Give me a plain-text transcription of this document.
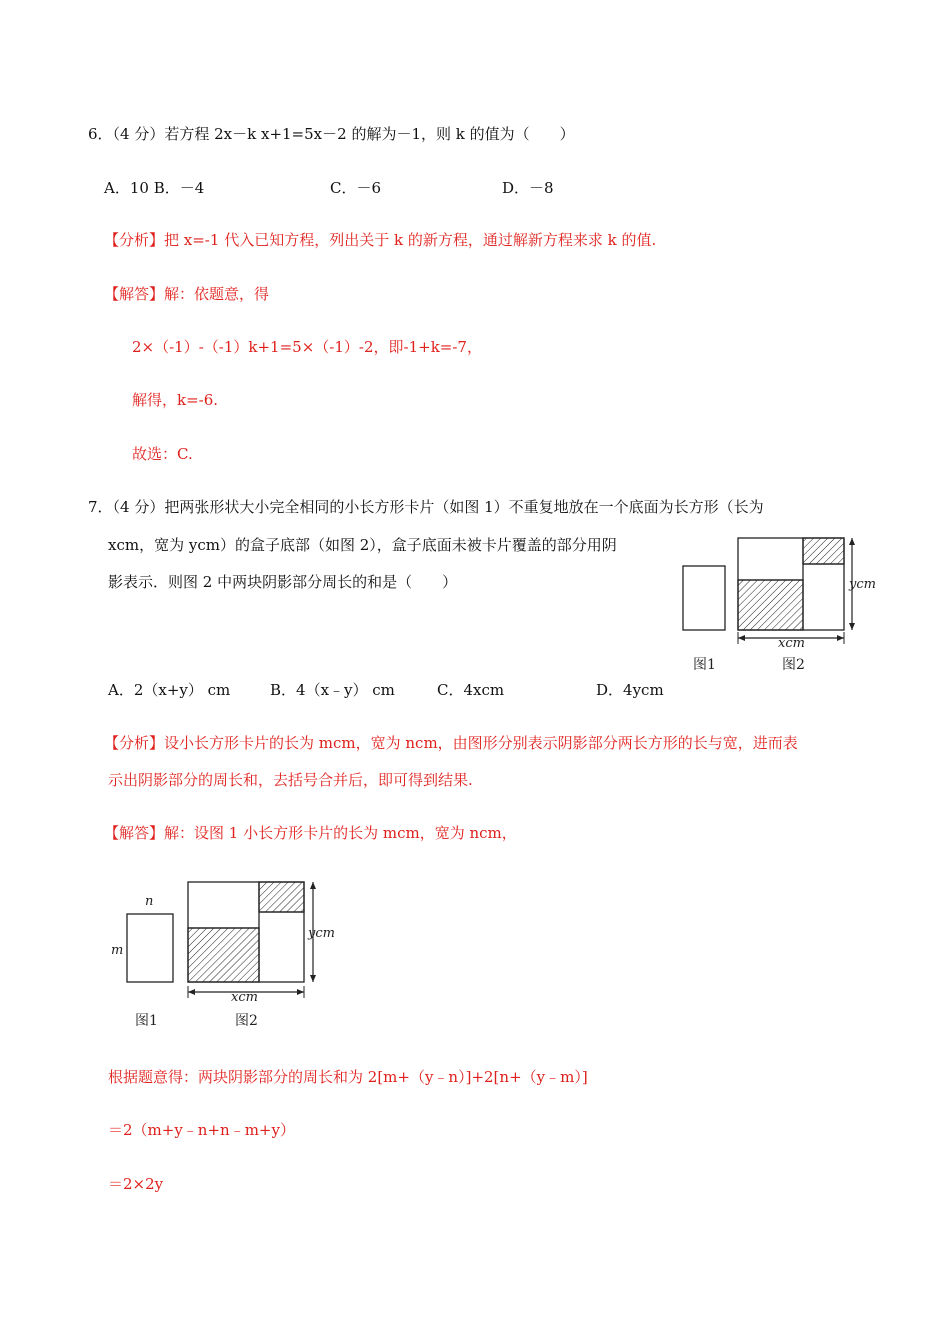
6．（4 分）若方程 2x－k x+1=5x－2 的解为－1，则 k 的值为（　　）
A．10 B．－4	C．－6	D．－8
【分析】把 x=-1 代入已知方程，列出关于 k 的新方程，通过解新方程来求 k 的值.
【解答】解：依题意，得
2×（-1）-（-1）k+1=5×（-1）-2，即-1+k=-7，
解得，k=-6.
故选：C.
7．（4 分）把两张形状大小完全相同的小长方形卡片（如图 1）不重复地放在一个底面为长方形（长为
xcm，宽为 ycm）的盒子底部（如图 2），盒子底面未被卡片覆盖的部分用阴
影表示．则图 2 中两块阴影部分周长的和是（　　）	ycm
xcm
图1	图2
A．2（x+y） cm	B．4（x﹣y） cm	C．4xcm	D．4ycm
【分析】设小长方形卡片的长为 mcm，宽为 ncm，由图形分别表示阴影部分两长方形的长与宽，进而表
示出阴影部分的周长和，去括号合并后，即可得到结果.
【解答】解：设图 1 小长方形卡片的长为 mcm，宽为 ncm，
n
m
ycm
xcm
图1	图2
根据题意得：两块阴影部分的周长和为 2[m+（y﹣n）]+2[n+（y﹣m）]
＝2（m+y﹣n+n﹣m+y）
＝2×2y
